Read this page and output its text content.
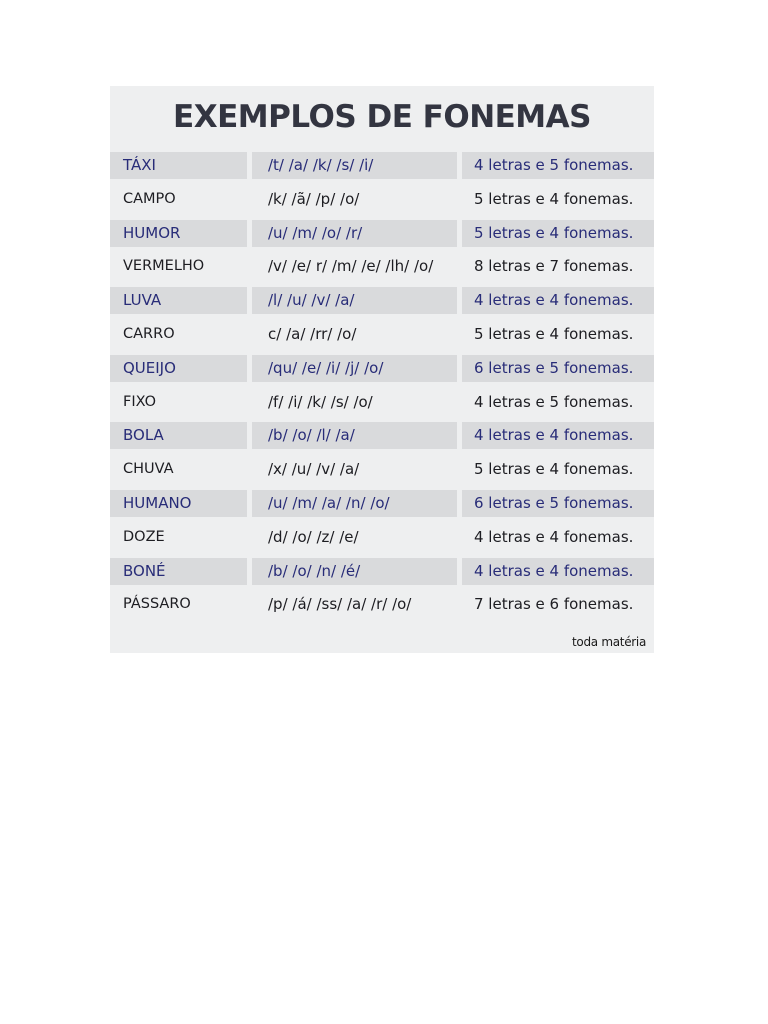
EXEMPLOS DE FONEMAS
TÁXI	/t/ /a/ /k/ /s/ /i/	4 letras e 5 fonemas.
CAMPO	/k/ /ã/ /p/ /o/	5 letras e 4 fonemas.
HUMOR	/u/ /m/ /o/ /r/	5 letras e 4 fonemas.
VERMELHO	/v/ /e/ r/ /m/ /e/ /lh/ /o/	8 letras e 7 fonemas.
LUVA	/l/ /u/ /v/ /a/	4 letras e 4 fonemas.
CARRO	c/ /a/ /rr/ /o/	5 letras e 4 fonemas.
QUEIJO	/qu/ /e/ /i/ /j/ /o/	6 letras e 5 fonemas.
FIXO	/f/ /i/ /k/ /s/ /o/	4 letras e 5 fonemas.
BOLA	/b/ /o/ /l/ /a/	4 letras e 4 fonemas.
CHUVA	/x/ /u/ /v/ /a/	5 letras e 4 fonemas.
HUMANO	/u/ /m/ /a/ /n/ /o/	6 letras e 5 fonemas.
DOZE	/d/ /o/ /z/ /e/	4 letras e 4 fonemas.
BONÉ	/b/ /o/ /n/ /é/	4 letras e 4 fonemas.
PÁSSARO	/p/ /á/ /ss/ /a/ /r/ /o/	7 letras e 6 fonemas.
toda matéria
